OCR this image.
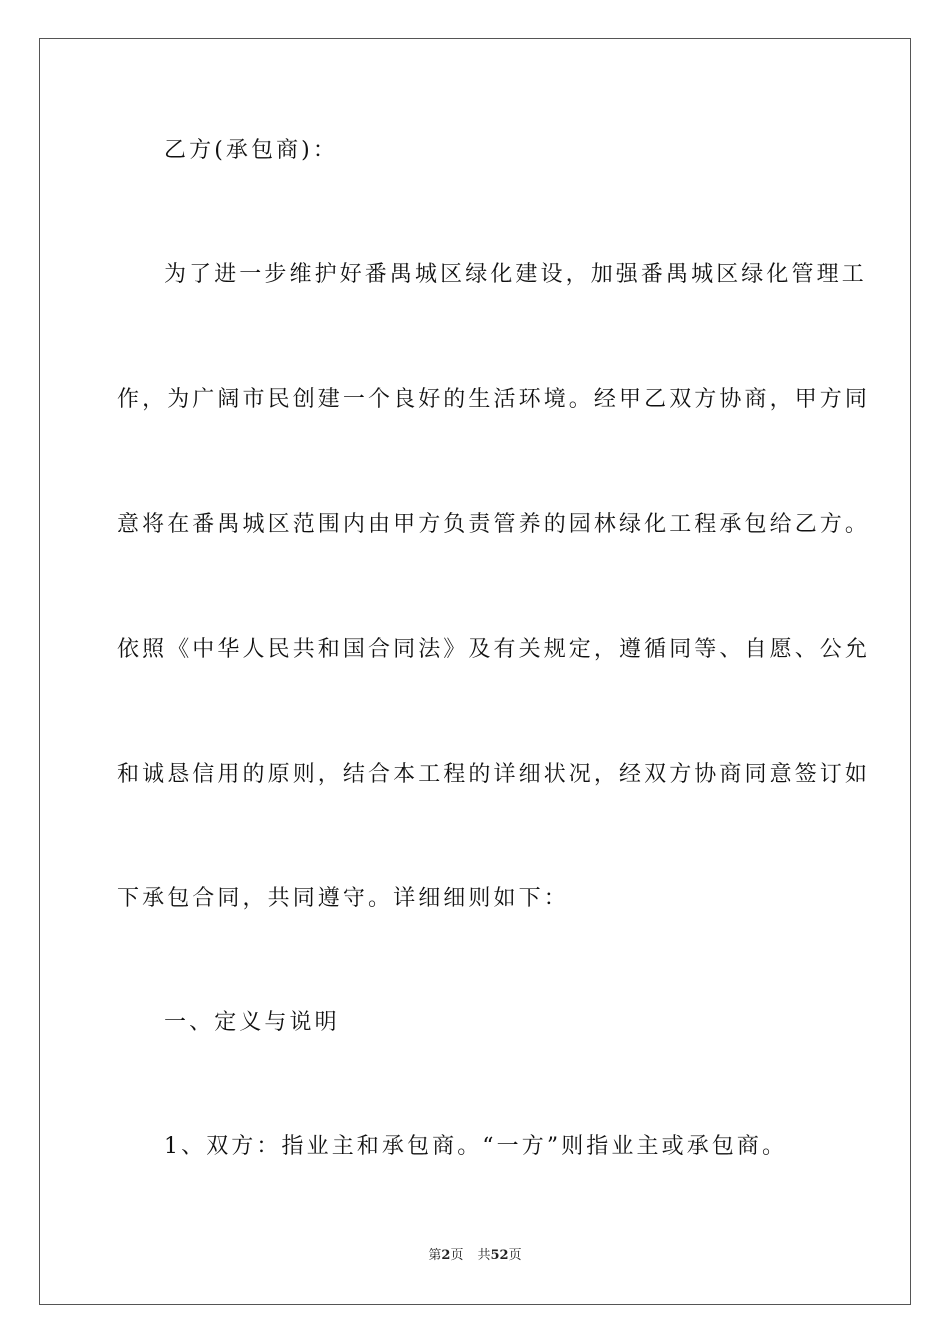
乙方(承包商)：
为了进一步维护好番禺城区绿化建设，加强番禺城区绿化管理工
作，为广阔市民创建一个良好的生活环境。经甲乙双方协商，甲方同
意将在番禺城区范围内由甲方负责管养的园林绿化工程承包给乙方。
依照《中华人民共和国合同法》及有关规定，遵循同等、自愿、公允
和诚恳信用的原则，结合本工程的详细状况，经双方协商同意签订如
下承包合同，共同遵守。详细细则如下：
一、定义与说明
1、双方：指业主和承包商。“一方”则指业主或承包商。
第2页 共52页
